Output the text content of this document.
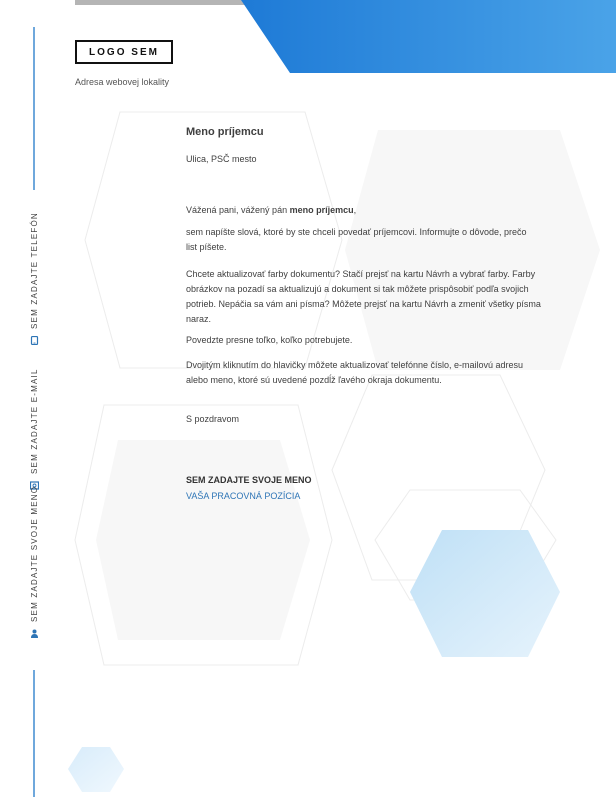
LOGO SEM
Adresa webovej lokality
SEM ZADAJTE TELEFÓN
SEM ZADAJTE E-MAIL
SEM ZADAJTE SVOJE MENO

Meno príjemcu

Ulica, PSČ mesto

Vážená pani, vážený pán meno príjemcu,

sem napíšte slová, ktoré by ste chceli povedať príjemcovi. Informujte o dôvode, prečo list píšete.

Chcete aktualizovať farby dokumentu? Stačí prejsť na kartu Návrh a vybrať farby. Farby obrázkov na pozadí sa aktualizujú a dokument si tak môžete prispôsobiť podľa svojich potrieb. Nepáčia sa vám ani písma? Môžete prejsť na kartu Návrh a zmeniť všetky písma naraz.

Povedzte presne toľko, koľko potrebujete.

Dvojitým kliknutím do hlavičky môžete aktualizovať telefónne číslo, e-mailovú adresu alebo meno, ktoré sú uvedené pozdĺž ľavého okraja dokumentu.

S pozdravom

SEM ZADAJTE SVOJE MENO

VAŠA PRACOVNÁ POZÍCIA
